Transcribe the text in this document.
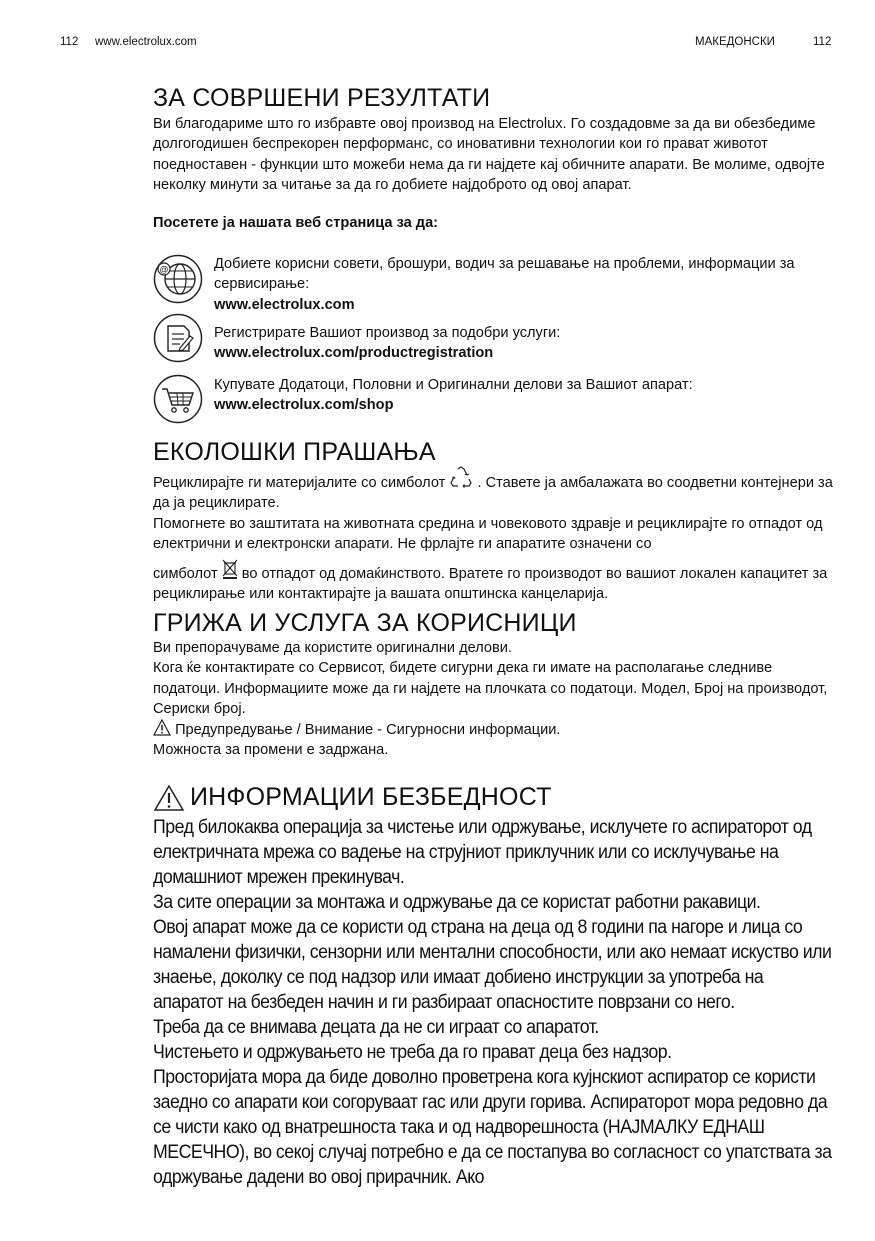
112 www.electrolux.com	МАКЕДОНСКИ	112
ЗА СОВРШЕНИ РЕЗУЛТАТИ

Ви благодариме што го избравте овој производ на Electrolux. Го создадовме за да ви обезбедиме долгогодишен беспрекорен перформанс, со иновативни технологии кои го прават животот поедноставен - функции што можеби нема да ги најдете кај обичните апарати. Ве молиме, одвојте неколку минути за читање за да го добиете најдоброто од овој апарат.

Посетете ја нашата веб страница за да:

@	Добиете корисни совети, брошури, водич за решавање на проблеми, информации за сервисирање:
www.electrolux.com
Регистрирате Вашиот производ за подобри услуги:
www.electrolux.com/productregistration
Купувате Додатоци, Половни и Оригинални делови за Вашиот апарат:
www.electrolux.com/shop
ЕКОЛОШКИ ПРАШАЊА

Рециклирајте ги материјалите со симболот . Ставете ја амбалажата во соодветни контејнери за да ја рециклирате.

Помогнете во заштитата на животната средина и човековото здравје и рециклирајте го отпадот од електрични и електронски апарати. Не фрлајте ги апаратите означени со

симболот во отпадот од домаќинството. Вратете го производот во вашиот локален капацитет за рециклирање или контактирајте ја вашата општинска канцеларија.

ГРИЖА И УСЛУГА ЗА КОРИСНИЦИ

Ви препорачуваме да користите оригинални делови.

Кога ќе контактирате со Сервисот, бидете сигурни дека ги имате на располагање следниве податоци. Информациите може да ги најдете на плочката со податоци. Модел, Број на производот, Сериски број.

Предупредување / Внимание - Сигурносни информации.

Можноста за промени е задржана.

ИНФОРМАЦИИ БЕЗБЕДНОСТ

Пред билокаква операција за чистење или одржување, исклучете го аспираторот од електричната мрежа со вадење на струјниот приклучник или со исклучување на домашниот мрежен прекинувач.

За сите операции за монтажа и одржување да се користат работни ракавици.

Овој апарат може да се користи од страна на деца од 8 години па нагоре и лица со намалени физички, сензорни или ментални способности, или ако немаат искуство или знаење, доколку се под надзор или имаат добиено инструкции за употреба на апаратот на безбеден начин и ги разбираат опасностите поврзани со него.

Треба да се внимава децата да не си играат со апаратот.

Чистењето и одржувањето не треба да го прават деца без надзор.

Просторијата мора да биде доволно проветрена кога кујнскиот аспиратор се користи заедно со апарати кои согоруваат гас или други горива. Аспираторот мора редовно да се чисти како од внатрешноста така и од надворешноста (НАЈМАЛКУ ЕДНАШ МЕСЕЧНО), во секој случај потребно е да се постапува во согласност со упатствата за одржување дадени во овој прирачник. Ако
